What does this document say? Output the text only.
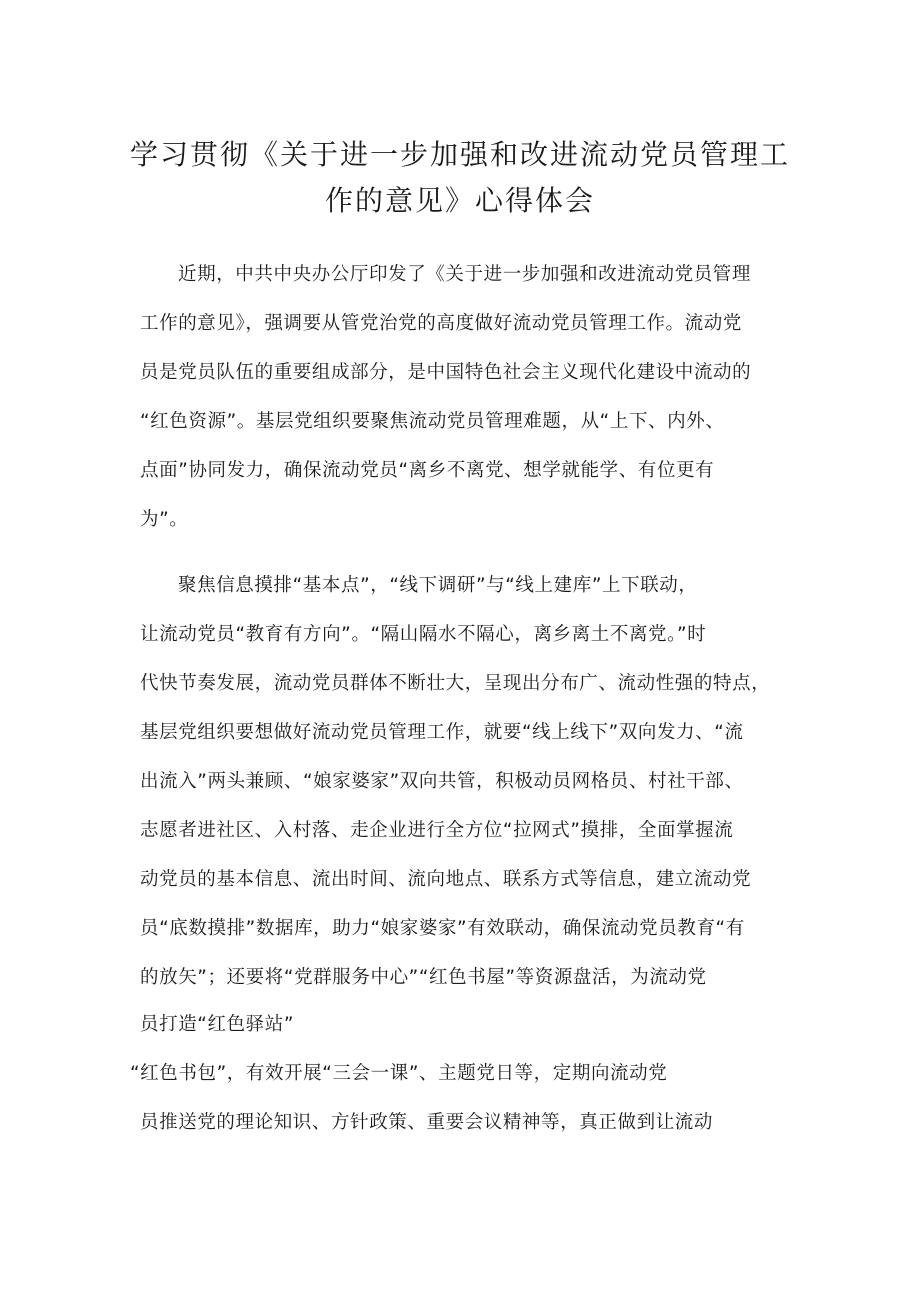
学习贯彻《关于进一步加强和改进流动党员管理工
作的意见》心得体会
近期，中共中央办公厅印发了《关于进一步加强和改进流动党员管理
工作的意见》，强调要从管党治党的高度做好流动党员管理工作。流动党
员是党员队伍的重要组成部分，是中国特色社会主义现代化建设中流动的
“红色资源”。基层党组织要聚焦流动党员管理难题，从“上下、内外、
点面”协同发力，确保流动党员“离乡不离党、想学就能学、有位更有
为”。
聚焦信息摸排“基本点”，“线下调研”与“线上建库”上下联动，
让流动党员“教育有方向”。“隔山隔水不隔心，离乡离土不离党。”时
代快节奏发展，流动党员群体不断壮大，呈现出分布广、流动性强的特点，
基层党组织要想做好流动党员管理工作，就要“线上线下”双向发力、“流
出流入”两头兼顾、“娘家婆家”双向共管，积极动员网格员、村社干部、
志愿者进社区、入村落、走企业进行全方位“拉网式”摸排，全面掌握流
动党员的基本信息、流出时间、流向地点、联系方式等信息，建立流动党
员“底数摸排”数据库，助力“娘家婆家”有效联动，确保流动党员教育“有
的放矢”；还要将“党群服务中心”“红色书屋”等资源盘活，为流动党
员打造“红色驿站”
“红色书包”，有效开展“三会一课”、主题党日等，定期向流动党
员推送党的理论知识、方针政策、重要会议精神等，真正做到让流动
